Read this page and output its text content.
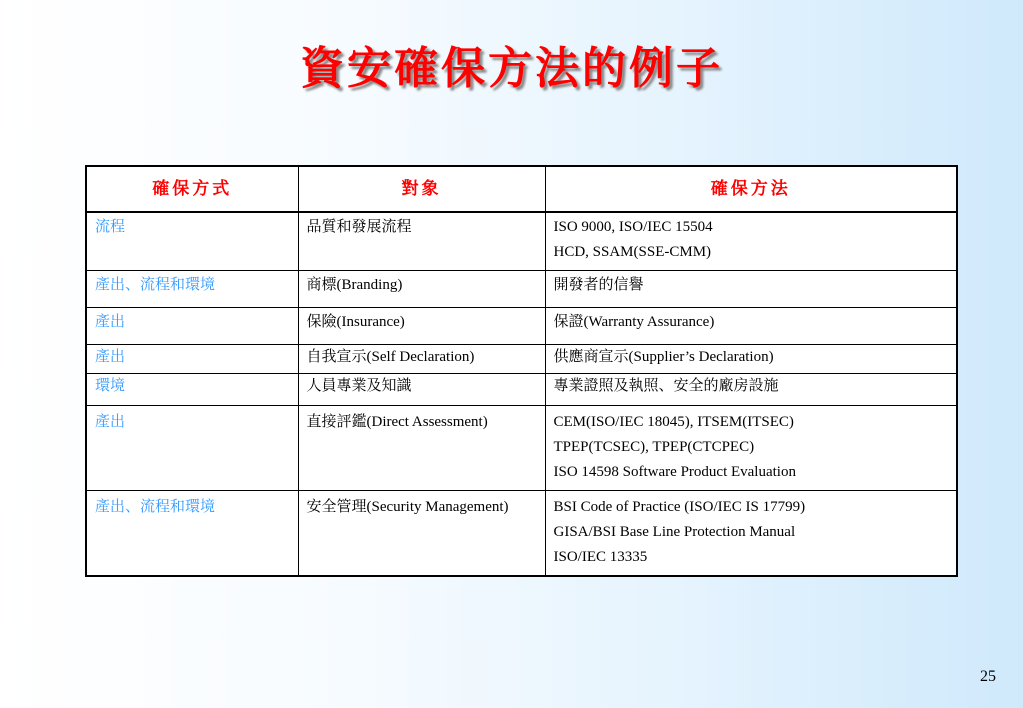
資安確保方法的例子
確保方式	對象	確保方法
流程	品質和發展流程	ISO 9000, ISO/IEC 15504
HCD, SSAM(SSE-CMM)

產出、流程和環境	商標(Branding)	開發者的信譽

產出	保險(Insurance)	保證(Warranty Assurance)

產出	自我宣示(Self Declaration)	供應商宣示(Supplier’s Declaration)

環境	人員專業及知識	專業證照及執照、安全的廠房設施

產出	直接評鑑(Direct Assessment)	CEM(ISO/IEC 18045), ITSEM(ITSEC)
TPEP(TCSEC), TPEP(CTCPEC)
ISO 14598 Software Product Evaluation

產出、流程和環境	安全管理(Security Management)	BSI Code of Practice (ISO/IEC IS 17799)
GISA/BSI Base Line Protection Manual
ISO/IEC 13335
25
